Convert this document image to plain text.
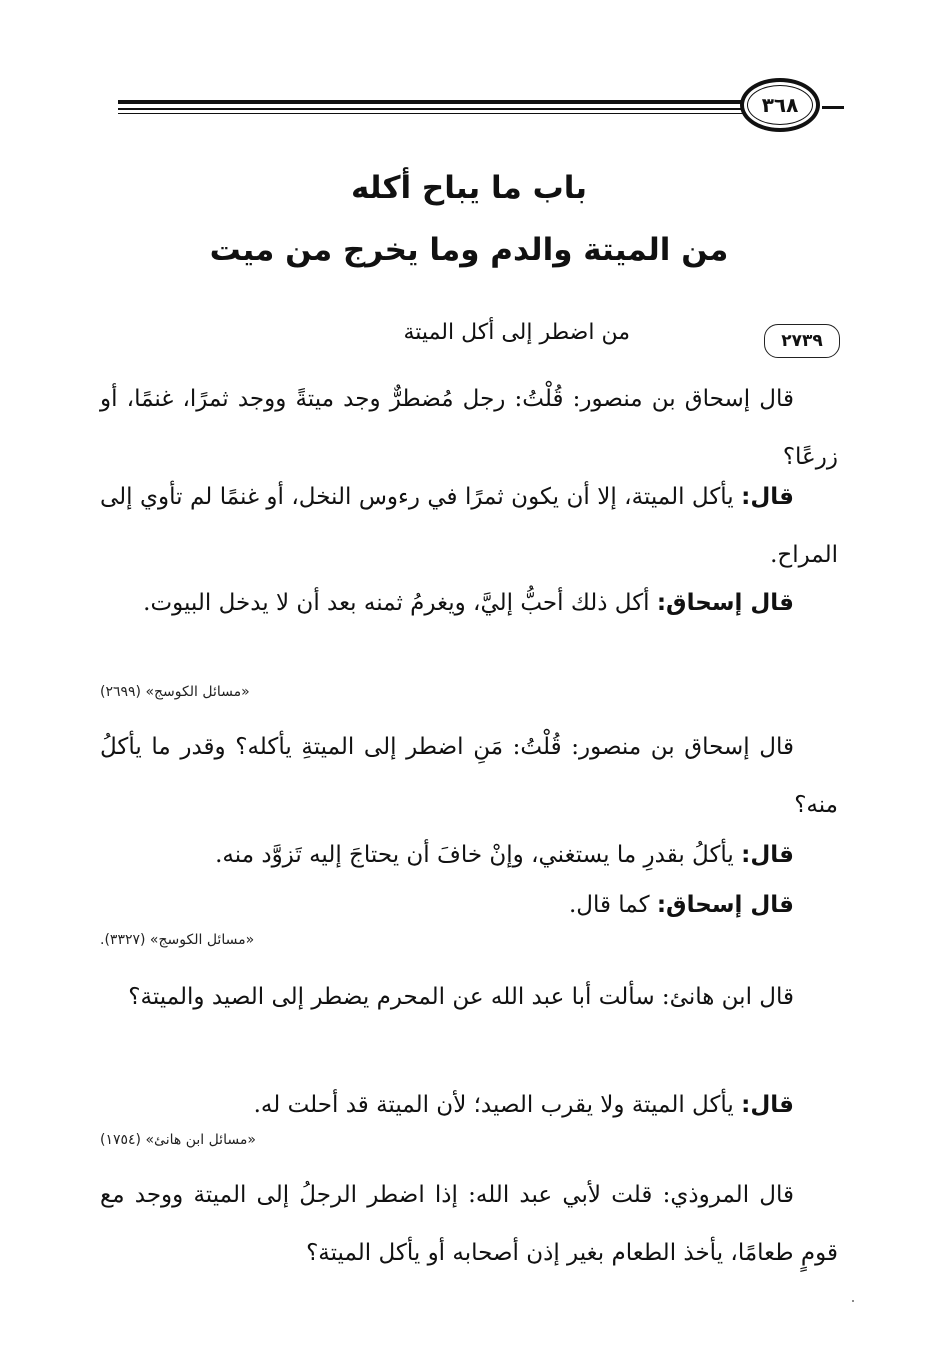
٣٦٨
باب ما يباح أكله
من الميتة والدم وما يخرج من ميت
٢٧٣٩
من اضطر إلى أكل الميتة
قال إسحاق بن منصور: قُلْتُ: رجل مُضطرٌّ وجد ميتةً ووجد ثمرًا، غنمًا، أو زرعًا؟
قال: يأكل الميتة، إلا أن يكون ثمرًا في رءوس النخل، أو غنمًا لم تأوي إلى المراح.
قال إسحاق: أكل ذلك أحبُّ إليَّ، ويغرمُ ثمنه بعد أن لا يدخل البيوت.
«مسائل الكوسج» (٢٦٩٩)
قال إسحاق بن منصور: قُلْتُ: مَنِ اضطر إلى الميتةِ يأكله؟ وقدر ما يأكلُ منه؟
قال: يأكلُ بقدرِ ما يستغني، وإنْ خافَ أن يحتاجَ إليه تَزوَّد منه.
قال إسحاق: كما قال.
«مسائل الكوسج» (٣٣٢٧).
قال ابن هانئ: سألت أبا عبد الله عن المحرم يضطر إلى الصيد والميتة؟
قال: يأكل الميتة ولا يقرب الصيد؛ لأن الميتة قد أحلت له.
«مسائل ابن هانئ» (١٧٥٤)
قال المروذي: قلت لأبي عبد الله: إذا اضطر الرجلُ إلى الميتة ووجد مع قومٍ طعامًا، يأخذ الطعام بغير إذن أصحابه أو يأكل الميتة؟
